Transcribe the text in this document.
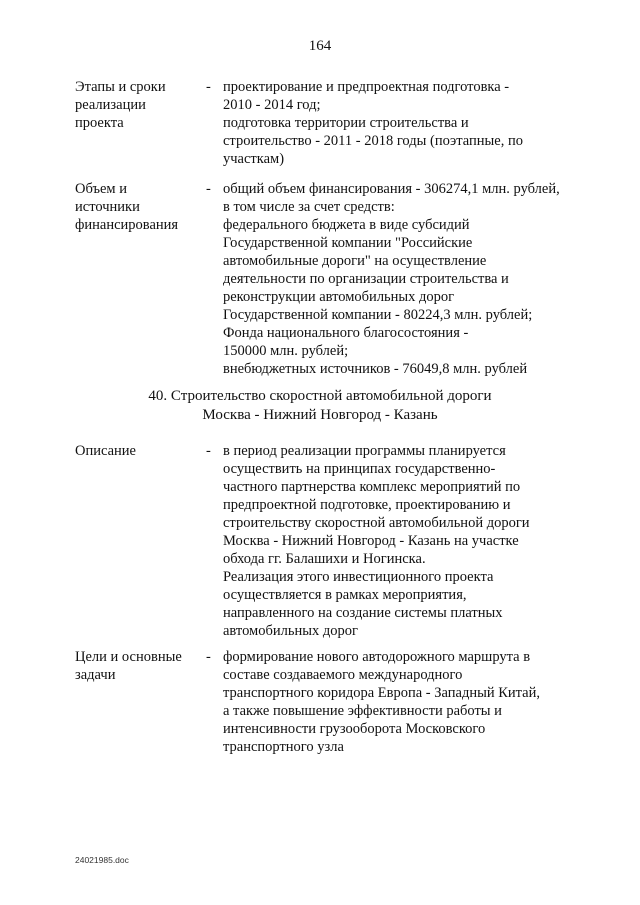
164
Этапы и сроки
реализации
проекта
- проектирование и предпроектная подготовка -
2010 - 2014 год;
подготовка территории строительства и
строительство - 2011 - 2018 годы (поэтапные, по
участкам)
Объем и
источники
финансирования
- общий объем финансирования - 306274,1 млн. рублей,
в том числе за счет средств:
федерального бюджета в виде субсидий
Государственной компании "Российские
автомобильные дороги" на осуществление
деятельности по организации строительства и
реконструкции автомобильных дорог
Государственной компании - 80224,3 млн. рублей;
Фонда национального благосостояния -
150000 млн. рублей;
внебюджетных источников - 76049,8 млн. рублей
40. Строительство скоростной автомобильной дороги
Москва - Нижний Новгород - Казань
Описание	- в период реализации программы планируется
осуществить на принципах государственно-
частного партнерства комплекс мероприятий по
предпроектной подготовке, проектированию и
строительству скоростной автомобильной дороги
Москва - Нижний Новгород - Казань на участке
обхода гг. Балашихи и Ногинска.
Реализация этого инвестиционного проекта
осуществляется в рамках мероприятия,
направленного на создание системы платных
автомобильных дорог
Цели и основные
задачи
- формирование нового автодорожного маршрута в
составе создаваемого международного
транспортного коридора Европа - Западный Китай,
а также повышение эффективности работы и
интенсивности грузооборота Московского
транспортного узла
24021985.doc
